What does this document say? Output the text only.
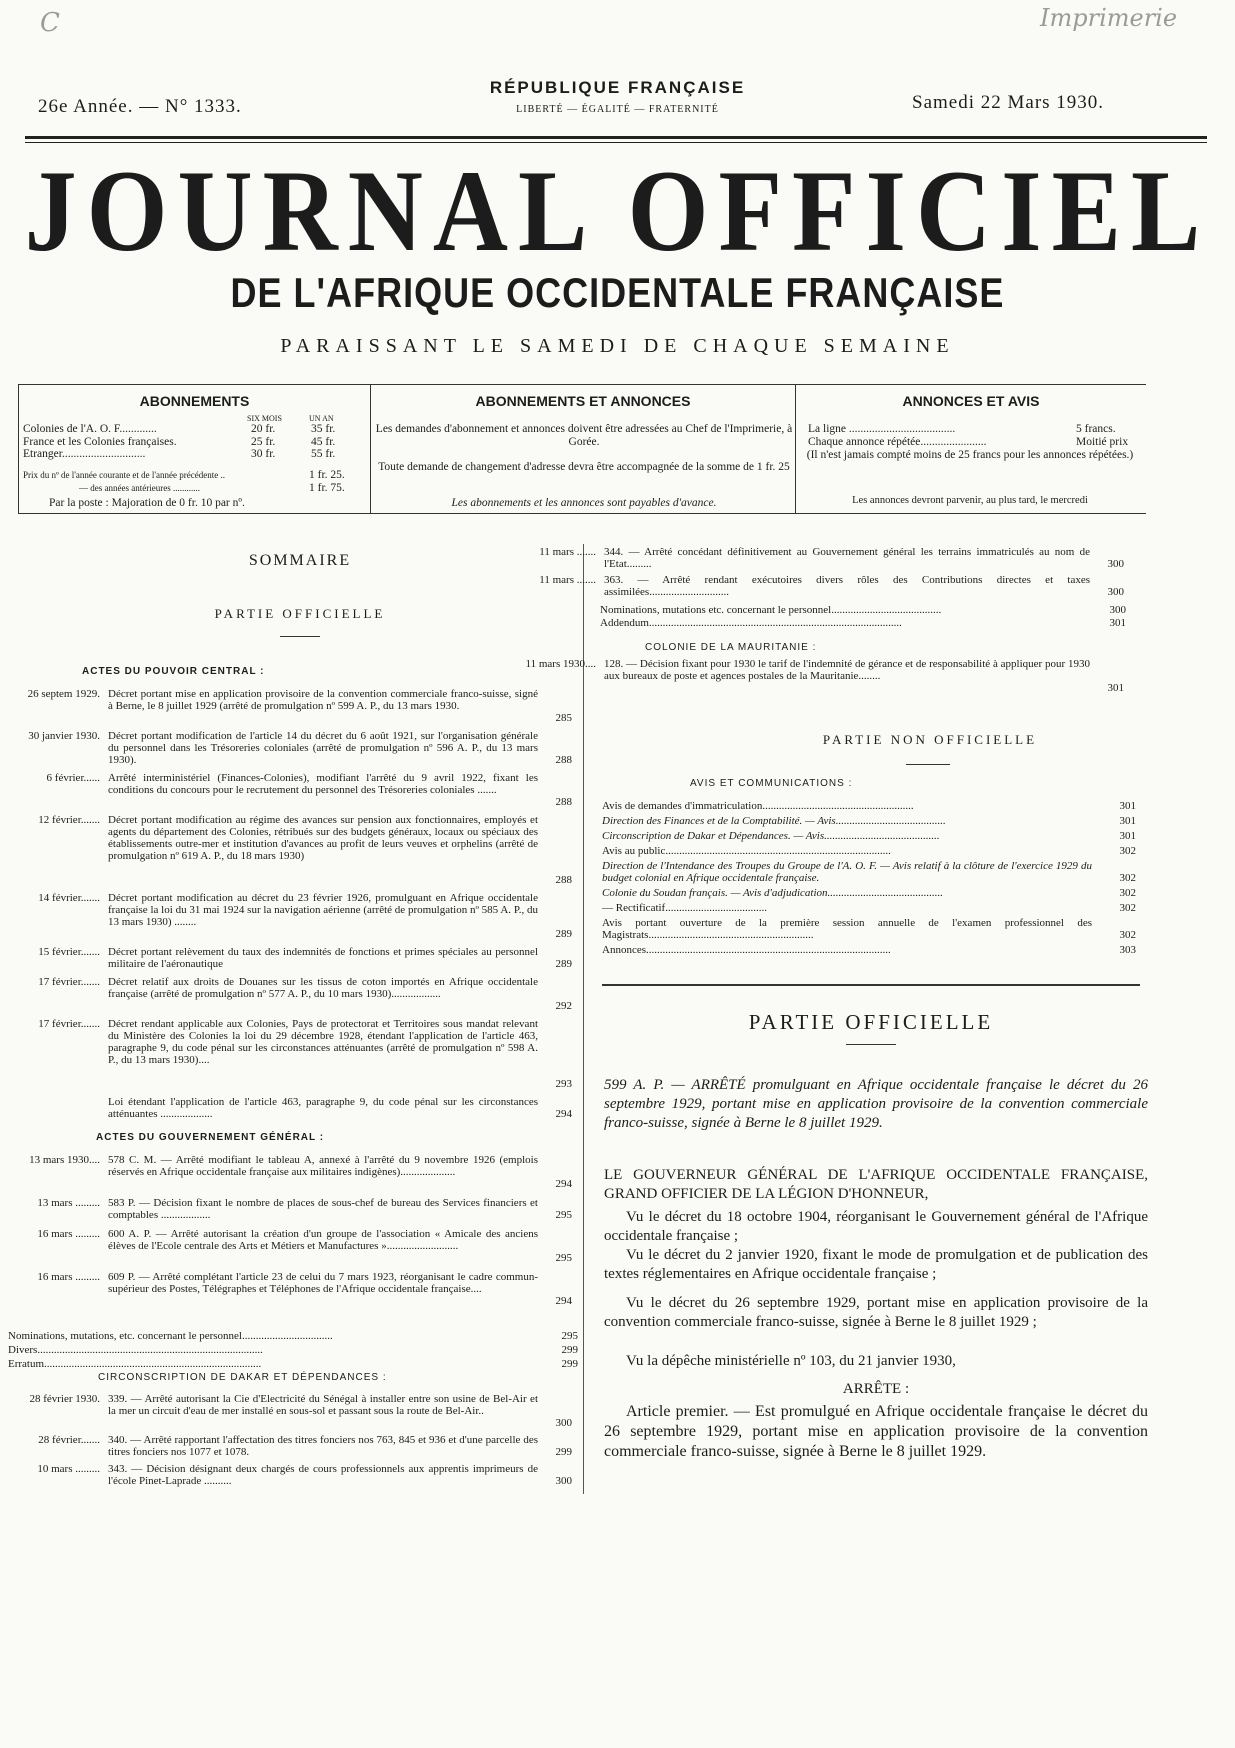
C	Imprimerie
26e Année. — N° 1333.
RÉPUBLIQUE FRANÇAISE
LIBERTÉ — ÉGALITÉ — FRATERNITÉ	Samedi 22 Mars 1930.
JOURNAL OFFICIEL
DE L'AFRIQUE OCCIDENTALE FRANÇAISE
PARAISSANT LE SAMEDI DE CHAQUE SEMAINE
ABONNEMENTS
SIX MOIS	UN AN
Prix du nº de l'année courante et de l'année précédente ..	1 fr. 25.
— des années antérieures ............	1 fr. 75.
Par la poste : Majoration de 0 fr. 10 par nº.
Colonies de l'A. O. F.............	20 fr.	35 fr.
France et les Colonies françaises.	25 fr.	45 fr.
Etranger.............................	30 fr.	55 fr.
ABONNEMENTS ET ANNONCES
Les demandes d'abonnement et annonces doivent être adressées au Chef de l'Imprimerie, à Gorée.
Toute demande de changement d'adresse devra être accompagnée de la somme de 1 fr. 25
Les abonnements et les annonces sont payables d'avance.
ANNONCES ET AVIS
La ligne .....................................	5 francs.
Chaque annonce répétée.......................	Moitié prix
(Il n'est jamais compté moins de 25 francs pour les annonces répétées.)
Les annonces devront parvenir, au plus tard, le mercredi
SOMMAIRE
PARTIE OFFICIELLE
ACTES DU POUVOIR CENTRAL :
26 septem 1929. Décret portant mise en application provisoire de la convention commerciale franco-suisse, signé à Berne, le 8 juillet 1929 (arrêté de promulgation nº 599 A. P., du 13 mars 1930.
285
30 janvier 1930. Décret portant modification de l'article 14 du décret du 6 août 1921, sur l'organisation générale du personnel dans les Trésoreries coloniales (arrêté de promulgation nº 596 A. P., du 13 mars 1930).	288
6 février...... Arrêté interministériel (Finances-Colonies), modifiant l'arrêté du 9 avril 1922, fixant les conditions du concours pour le recrutement du personnel des Trésoreries coloniales .......
288
12 février....... Décret portant modification au régime des avances sur pension aux fonctionnaires, employés et agents du département des Colonies, rétribués sur des budgets généraux, locaux ou spéciaux des établissements outre-mer et institution d'avances au profit de leurs veuves et orphelins (arrêté de promulgation nº 619 A. P., du 18 mars 1930)
288
14 février....... Décret portant modification au décret du 23 février 1926, promulguant en Afrique occidentale française la loi du 31 mai 1924 sur la navigation aérienne (arrêté de promulgation nº 585 A. P., du 13 mars 1930) ........
289
15 février....... Décret portant relèvement du taux des indemnités de fonctions et primes spéciales au personnel militaire de l'aéronautique	289
17 février....... Décret relatif aux droits de Douanes sur les tissus de coton importés en Afrique occidentale française (arrêté de promulgation nº 577 A. P., du 10 mars 1930)..................
292
17 février....... Décret rendant applicable aux Colonies, Pays de protectorat et Territoires sous mandat relevant du Ministère des Colonies la loi du 29 décembre 1928, étendant l'application de l'article 463, paragraphe 9, du code pénal sur les circonstances atténuantes (arrêté de promulgation nº 598 A. P., du 13 mars 1930)....
293
Loi étendant l'application de l'article 463, paragraphe 9, du code pénal sur les circonstances atténuantes ...................	294
ACTES DU GOUVERNEMENT GÉNÉRAL :
13 mars 1930.... 578 C. M. — Arrêté modifiant le tableau A, annexé à l'arrêté du 9 novembre 1926 (emplois réservés en Afrique occidentale française aux militaires indigènes)....................
294
13 mars ......... 583 P. — Décision fixant le nombre de places de sous-chef de bureau des Services financiers et comptables ..................	295
16 mars ......... 600 A. P. — Arrêté autorisant la création d'un groupe de l'association « Amicale des anciens élèves de l'Ecole centrale des Arts et Métiers et Manufactures »..........................
295
16 mars ......... 609 P. — Arrêté complétant l'article 23 de celui du 7 mars 1923, réorganisant le cadre commun-supérieur des Postes, Télégraphes et Téléphones de l'Afrique occidentale française....
294
Nominations, mutations, etc. concernant le personnel.................................	295
Divers..................................................................................	299
Erratum...............................................................................	299
CIRCONSCRIPTION DE DAKAR ET DÉPENDANCES :
28 février 1930. 339. — Arrêté autorisant la Cie d'Electricité du Sénégal à installer entre son usine de Bel-Air et la mer un circuit d'eau de mer installé en sous-sol et passant sous la route de Bel-Air..
300
28 février....... 340. — Arrêté rapportant l'affectation des titres fonciers nos 763, 845 et 936 et d'une parcelle des titres fonciers nos 1077 et 1078.	299
10 mars ......... 343. — Décision désignant deux chargés de cours professionnels aux apprentis imprimeurs de l'école Pinet-Laprade ..........	300
11 mars ....... 344. — Arrêté concédant définitivement au Gouvernement général les terrains immatriculés au nom de l'Etat.........	300
11 mars ....... 363. — Arrêté rendant exécutoires divers rôles des Contributions directes et taxes assimilées.............................	300
Nominations, mutations etc. concernant le personnel........................................	300
Addendum............................................................................................	301
COLONIE DE LA MAURITANIE :
11 mars 1930.... 128. — Décision fixant pour 1930 le tarif de l'indemnité de gérance et de responsabilité à appliquer pour 1930 aux bureaux de poste et agences postales de la Mauritanie........
301
PARTIE NON OFFICIELLE
AVIS ET COMMUNICATIONS :
Avis de demandes d'immatriculation.......................................................	301
Direction des Finances et de la Comptabilité. — Avis........................................	301
Circonscription de Dakar et Dépendances. — Avis..........................................	301
Avis au public..................................................................................	302
Direction de l'Intendance des Troupes du Groupe de l'A. O. F. — Avis relatif à la clôture de l'exercice 1929 du budget colonial en Afrique occidentale française.	302
Colonie du Soudan français. — Avis d'adjudication..........................................	302
— Rectificatif.....................................	302
Avis portant ouverture de la première session annuelle de l'examen professionnel des Magistrats............................................................	302
Annonces.........................................................................................	303
PARTIE OFFICIELLE
599 A. P. — ARRÊTÉ promulguant en Afrique occidentale française le décret du 26 septembre 1929, portant mise en application provisoire de la convention commerciale franco-suisse, signée à Berne le 8 juillet 1929.
LE GOUVERNEUR GÉNÉRAL DE L'AFRIQUE OCCIDENTALE FRANÇAISE, GRAND OFFICIER DE LA LÉGION D'HONNEUR,
Vu le décret du 18 octobre 1904, réorganisant le Gouvernement général de l'Afrique occidentale française ;
Vu le décret du 2 janvier 1920, fixant le mode de promulgation et de publication des textes réglementaires en Afrique occidentale française ;
Vu le décret du 26 septembre 1929, portant mise en application provisoire de la convention commerciale franco-suisse, signée à Berne le 8 juillet 1929 ;
Vu la dépêche ministérielle nº 103, du 21 janvier 1930,
ARRÊTE :
Article premier. — Est promulgué en Afrique occidentale française le décret du 26 septembre 1929, portant mise en application provisoire de la convention commerciale franco-suisse, signée à Berne le 8 juillet 1929.
